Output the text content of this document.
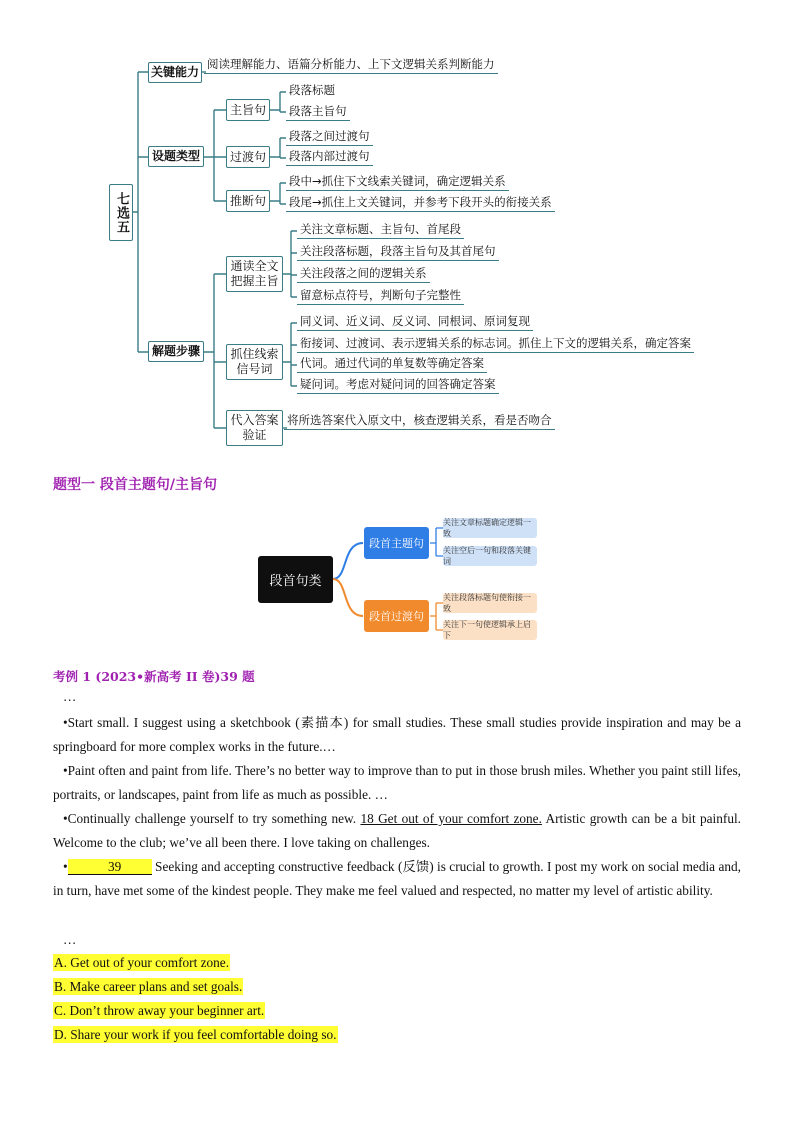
七选五
关键能力
阅读理解能力、语篇分析能力、上下文逻辑关系判断能力
设题类型
主旨句
段落标题
段落主旨句
过渡句
段落之间过渡句
段落内部过渡句
推断句
段中→抓住下文线索关键词，确定逻辑关系
段尾→抓住上文关键词，并参考下段开头的衔接关系
解题步骤
通读全文把握主旨
关注文章标题、主旨句、首尾段
关注段落标题，段落主旨句及其首尾句
关注段落之间的逻辑关系
留意标点符号，判断句子完整性
抓住线索信号词
同义词、近义词、反义词、同根词、原词复现
衔接词、过渡词、表示逻辑关系的标志词。抓住上下文的逻辑关系，确定答案
代词。通过代词的单复数等确定答案
疑问词。考虑对疑问词的回答确定答案
代入答案验证
将所选答案代入原文中，核查逻辑关系，看是否吻合
题型一 段首主题句/主旨句
段首句类
段首主题句
关注文章标题确定逻辑一致
关注空后一句和段落关键词
段首过渡句
关注段落标题句使衔接一致
关注下一句使逻辑承上启下
考例 1 (2023•新高考 II 卷)39 题
…
•Start small. I suggest using a sketchbook (素描本) for small studies. These small studies provide inspiration and may be a springboard for more complex works in the future.…
•Paint often and paint from life. There’s no better way to improve than to put in those brush miles. Whether you paint still lifes, portraits, or landscapes, paint from life as much as possible. …
•Continually challenge yourself to try something new. 18 Get out of your comfort zone. Artistic growth can be a bit painful. Welcome to the club; we’ve all been there. I love taking on challenges.
•	39 Seeking and accepting constructive feedback (反馈) is crucial to growth. I post my work on social media and, in turn, have met some of the kindest people. They make me feel valued and respected, no matter my level of artistic ability.
…
A. Get out of your comfort zone.
B. Make career plans and set goals.
C. Don’t throw away your beginner art.
D. Share your work if you feel comfortable doing so.
